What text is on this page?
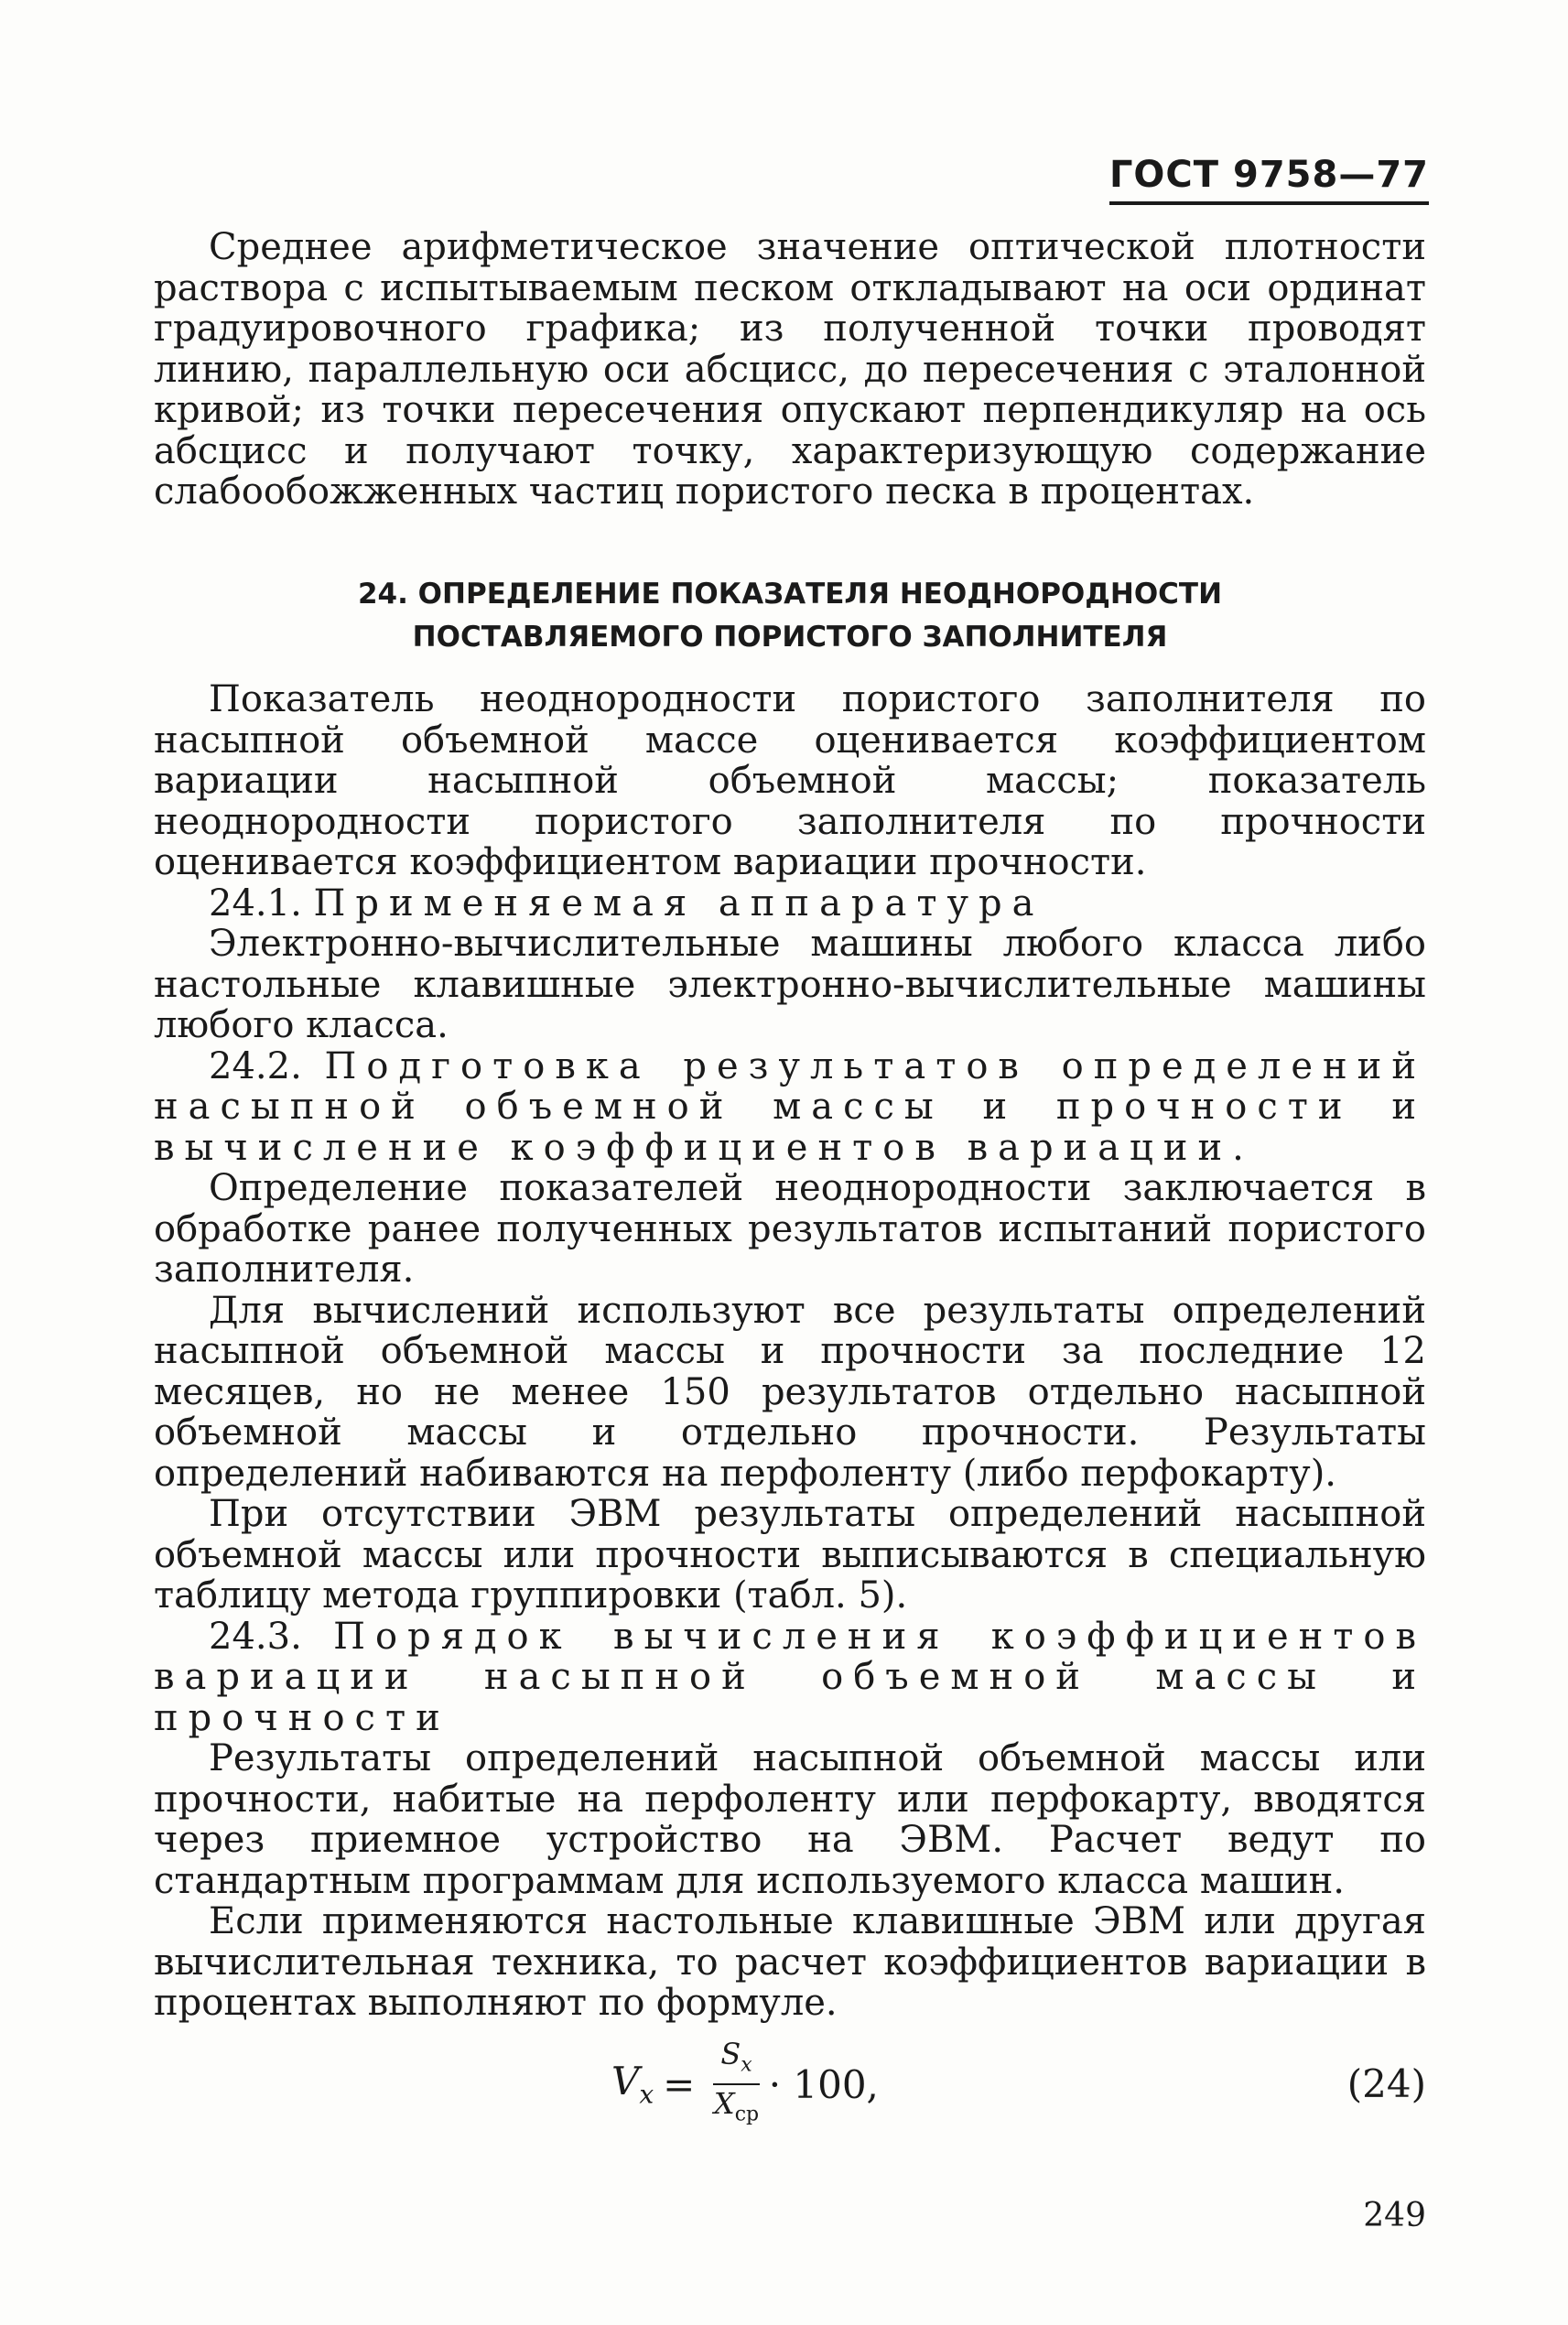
ГОСТ 9758—77

Среднее арифметическое значение оптической плотности раствора с испытываемым песком откладывают на оси ординат градуировочного графика; из полученной точки проводят линию, параллельную оси абсцисс, до пересечения с эталонной кривой; из точки пересечения опускают перпендикуляр на ось абсцисс и получают точку, характеризующую содержание слабообожженных частиц пористого песка в процентах.

24. ОПРЕДЕЛЕНИЕ ПОКАЗАТЕЛЯ НЕОДНОРОДНОСТИ
ПОСТАВЛЯЕМОГО ПОРИСТОГО ЗАПОЛНИТЕЛЯ

Показатель неоднородности пористого заполнителя по насыпной объемной массе оценивается коэффициентом вариации насыпной объемной массы; показатель неоднородности пористого заполнителя по прочности оценивается коэффициентом вариации прочности.

24.1. Применяемая аппаратура

Электронно-вычислительные машины любого класса либо настольные клавишные электронно-вычислительные машины любого класса.

24.2. Подготовка результатов определений насыпной объемной массы и прочности и вычисление коэффициентов вариации.

Определение показателей неоднородности заключается в обработке ранее полученных результатов испытаний пористого заполнителя.

Для вычислений используют все результаты определений насыпной объемной массы и прочности за последние 12 месяцев, но не менее 150 результатов отдельно насыпной объемной массы и отдельно прочности. Результаты определений набиваются на перфоленту (либо перфокарту).

При отсутствии ЭВМ результаты определений насыпной объемной массы или прочности выписываются в специальную таблицу метода группировки (табл. 5).

24.3. Порядок вычисления коэффициентов вариации насыпной объемной массы и прочности

Результаты определений насыпной объемной массы или прочности, набитые на перфоленту или перфокарту, вводятся через приемное устройство на ЭВМ. Расчет ведут по стандартным программам для используемого класса машин.

Если применяются настольные клавишные ЭВМ или другая вычислительная техника, то расчет коэффициентов вариации в процентах выполняют по формуле.

$V_x = \frac{S_x}{X_{ср}} \cdot 100$,	(24)
249
